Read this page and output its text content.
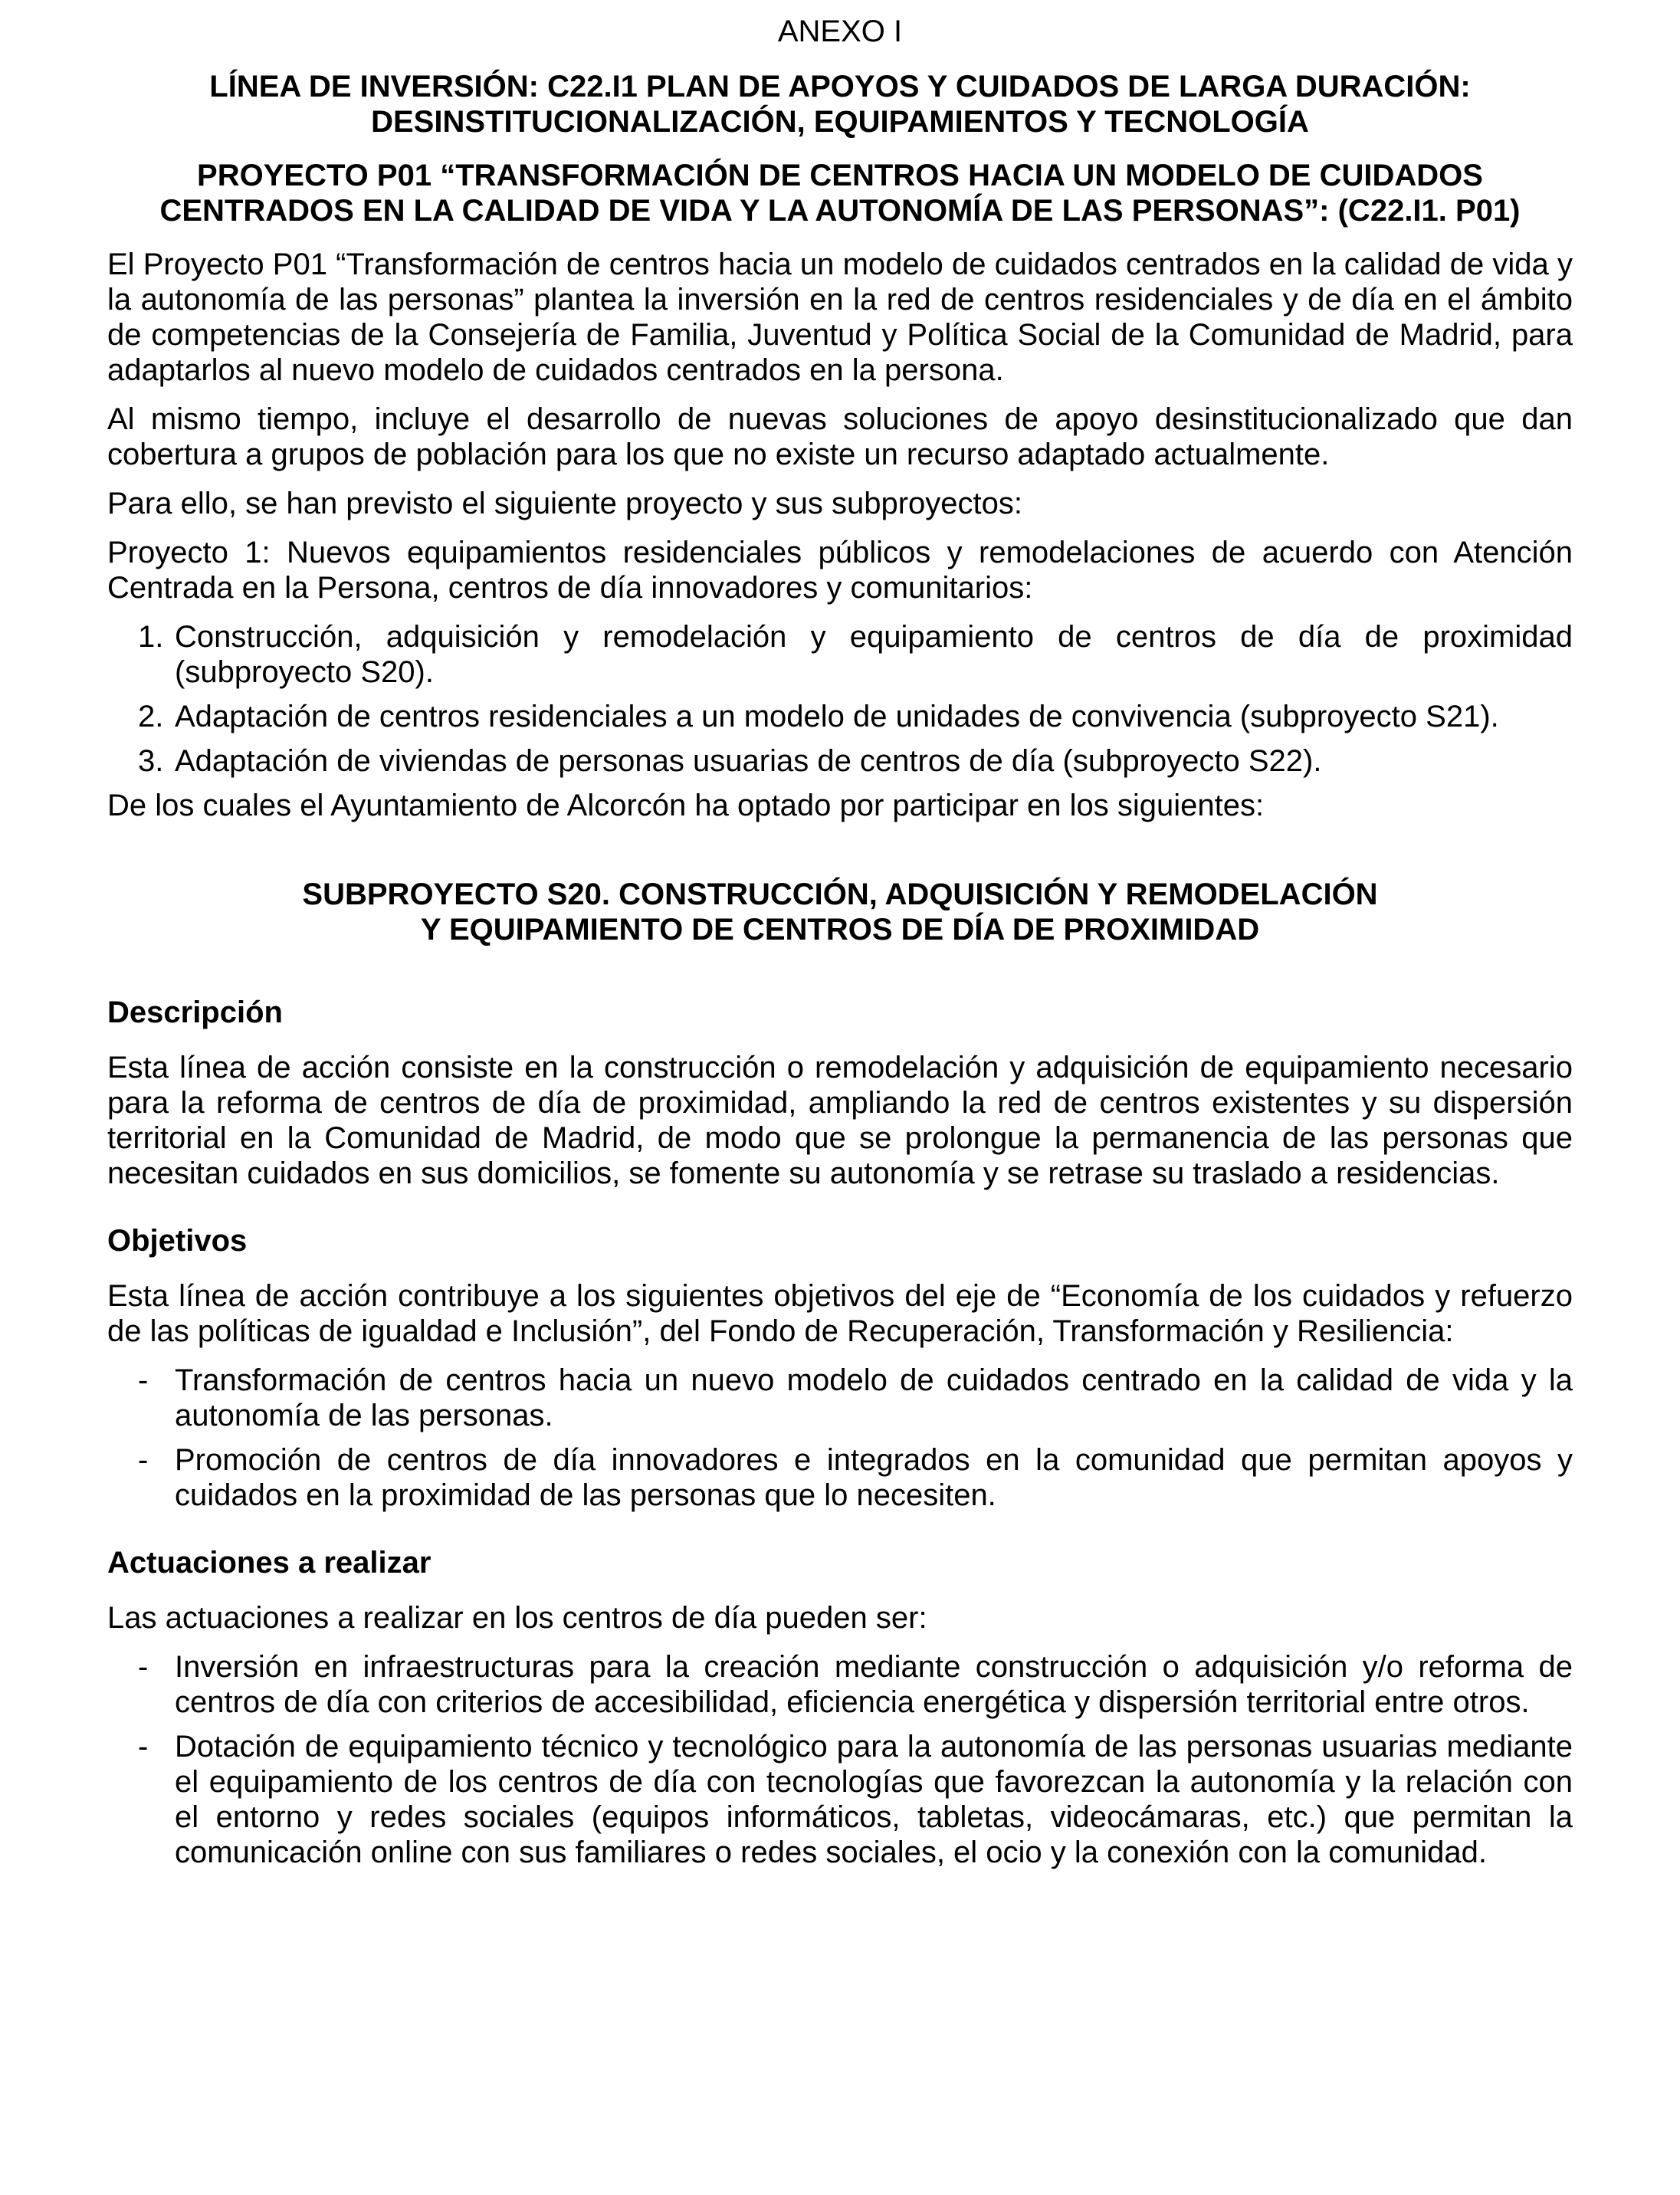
ANEXO I

LÍNEA DE INVERSIÓN: C22.I1 PLAN DE APOYOS Y CUIDADOS DE LARGA DURACIÓN: DESINSTITUCIONALIZACIÓN, EQUIPAMIENTOS Y TECNOLOGÍA

PROYECTO P01 “TRANSFORMACIÓN DE CENTROS HACIA UN MODELO DE CUIDADOS CENTRADOS EN LA CALIDAD DE VIDA Y LA AUTONOMÍA DE LAS PERSONAS”: (C22.I1. P01)

El Proyecto P01 “Transformación de centros hacia un modelo de cuidados centrados en la calidad de vida y la autonomía de las personas” plantea la inversión en la red de centros residenciales y de día en el ámbito de competencias de la Consejería de Familia, Juventud y Política Social de la Comunidad de Madrid, para adaptarlos al nuevo modelo de cuidados centrados en la persona.

Al mismo tiempo, incluye el desarrollo de nuevas soluciones de apoyo desinstitucionalizado que dan cobertura a grupos de población para los que no existe un recurso adaptado actualmente.

Para ello, se han previsto el siguiente proyecto y sus subproyectos:

Proyecto 1: Nuevos equipamientos residenciales públicos y remodelaciones de acuerdo con Atención Centrada en la Persona, centros de día innovadores y comunitarios:

1. Construcción, adquisición y remodelación y equipamiento de centros de día de proximidad (subproyecto S20).
2. Adaptación de centros residenciales a un modelo de unidades de convivencia (subproyecto S21).
3. Adaptación de viviendas de personas usuarias de centros de día (subproyecto S22).

De los cuales el Ayuntamiento de Alcorcón ha optado por participar en los siguientes:

SUBPROYECTO S20. CONSTRUCCIÓN, ADQUISICIÓN Y REMODELACIÓN
Y EQUIPAMIENTO DE CENTROS DE DÍA DE PROXIMIDAD

Descripción

Esta línea de acción consiste en la construcción o remodelación y adquisición de equipamiento necesario para la reforma de centros de día de proximidad, ampliando la red de centros existentes y su dispersión territorial en la Comunidad de Madrid, de modo que se prolongue la permanencia de las personas que necesitan cuidados en sus domicilios, se fomente su autonomía y se retrase su traslado a residencias.

Objetivos

Esta línea de acción contribuye a los siguientes objetivos del eje de “Economía de los cuidados y refuerzo de las políticas de igualdad e Inclusión”, del Fondo de Recuperación, Transformación y Resiliencia:

- Transformación de centros hacia un nuevo modelo de cuidados centrado en la calidad de vida y la autonomía de las personas.
- Promoción de centros de día innovadores e integrados en la comunidad que permitan apoyos y cuidados en la proximidad de las personas que lo necesiten.

Actuaciones a realizar

Las actuaciones a realizar en los centros de día pueden ser:

- Inversión en infraestructuras para la creación mediante construcción o adquisición y/o reforma de centros de día con criterios de accesibilidad, eficiencia energética y dispersión territorial entre otros.
- Dotación de equipamiento técnico y tecnológico para la autonomía de las personas usuarias mediante el equipamiento de los centros de día con tecnologías que favorezcan la autonomía y la relación con el entorno y redes sociales (equipos informáticos, tabletas, videocámaras, etc.) que permitan la comunicación online con sus familiares o redes sociales, el ocio y la conexión con la comunidad.
